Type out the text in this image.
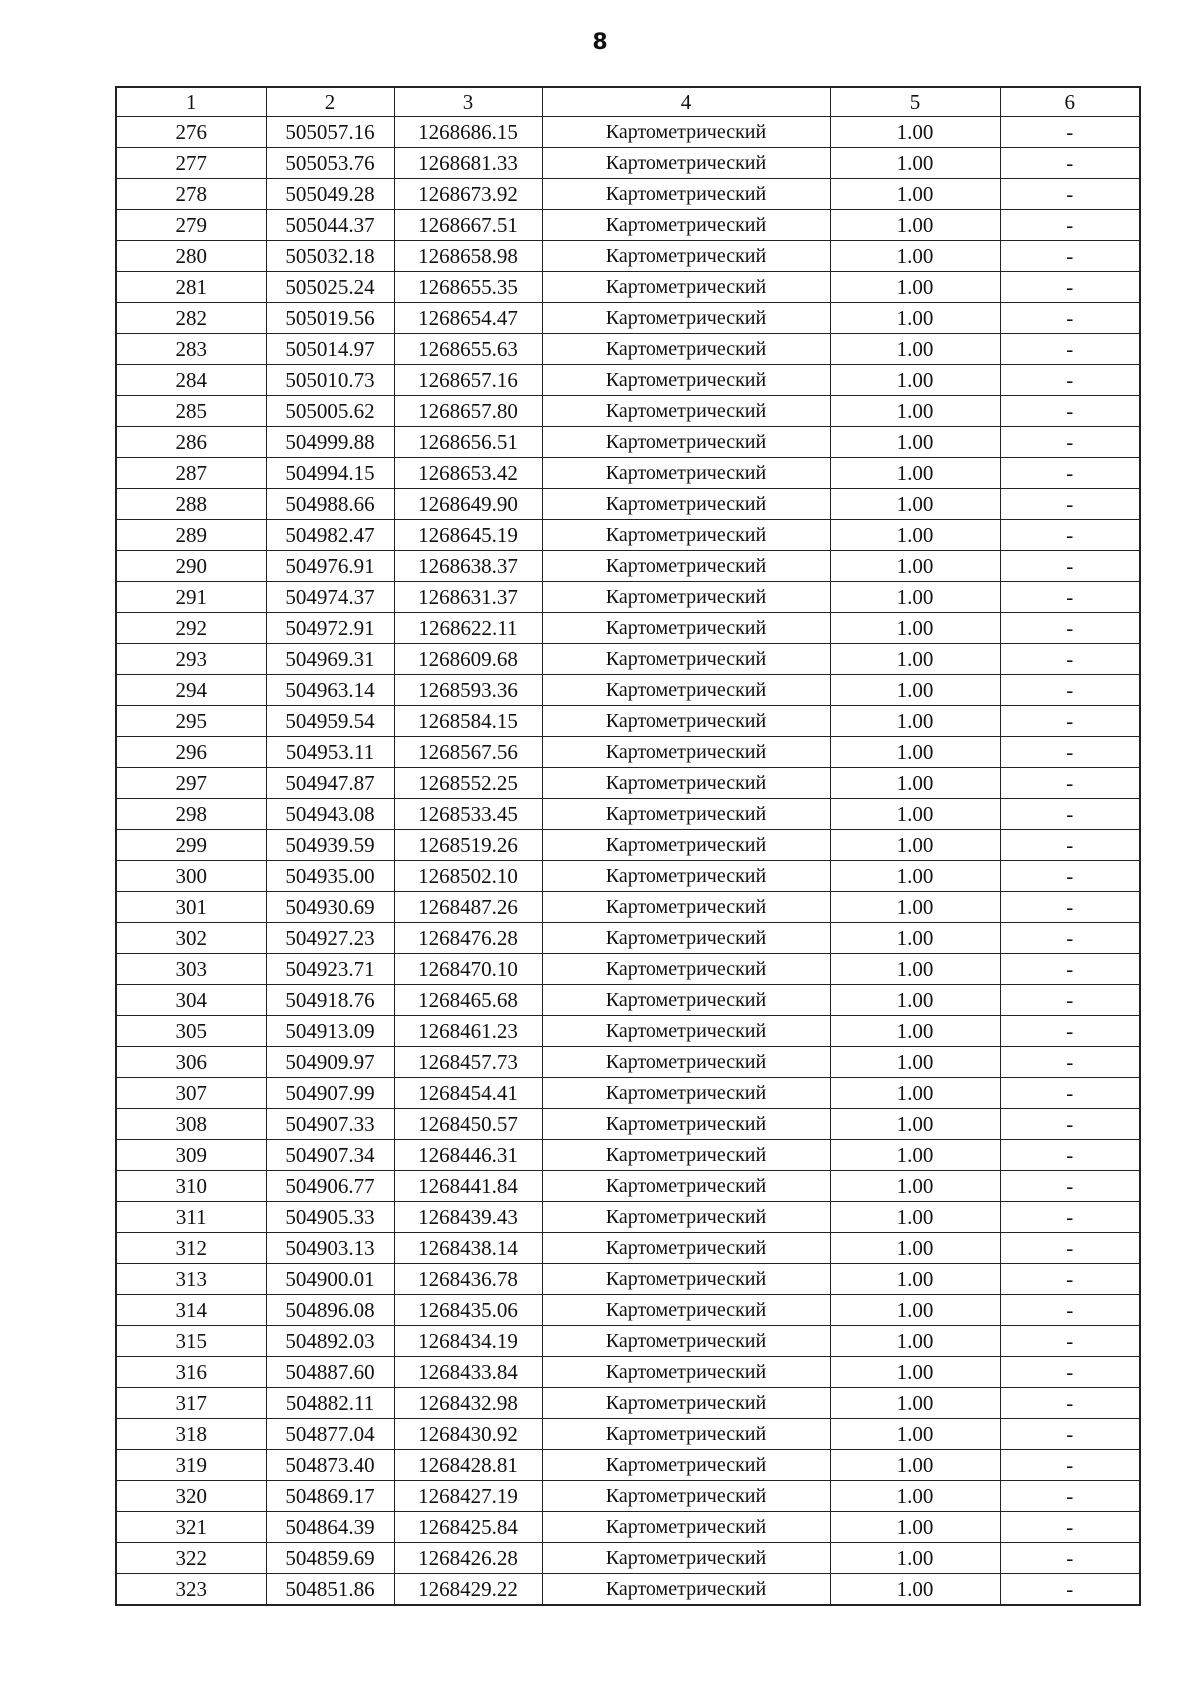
8
1	2	3	4	5	6
276	505057.16	1268686.15	Картометрический	1.00	-
277	505053.76	1268681.33	Картометрический	1.00	-
278	505049.28	1268673.92	Картометрический	1.00	-
279	505044.37	1268667.51	Картометрический	1.00	-
280	505032.18	1268658.98	Картометрический	1.00	-
281	505025.24	1268655.35	Картометрический	1.00	-
282	505019.56	1268654.47	Картометрический	1.00	-
283	505014.97	1268655.63	Картометрический	1.00	-
284	505010.73	1268657.16	Картометрический	1.00	-
285	505005.62	1268657.80	Картометрический	1.00	-
286	504999.88	1268656.51	Картометрический	1.00	-
287	504994.15	1268653.42	Картометрический	1.00	-
288	504988.66	1268649.90	Картометрический	1.00	-
289	504982.47	1268645.19	Картометрический	1.00	-
290	504976.91	1268638.37	Картометрический	1.00	-
291	504974.37	1268631.37	Картометрический	1.00	-
292	504972.91	1268622.11	Картометрический	1.00	-
293	504969.31	1268609.68	Картометрический	1.00	-
294	504963.14	1268593.36	Картометрический	1.00	-
295	504959.54	1268584.15	Картометрический	1.00	-
296	504953.11	1268567.56	Картометрический	1.00	-
297	504947.87	1268552.25	Картометрический	1.00	-
298	504943.08	1268533.45	Картометрический	1.00	-
299	504939.59	1268519.26	Картометрический	1.00	-
300	504935.00	1268502.10	Картометрический	1.00	-
301	504930.69	1268487.26	Картометрический	1.00	-
302	504927.23	1268476.28	Картометрический	1.00	-
303	504923.71	1268470.10	Картометрический	1.00	-
304	504918.76	1268465.68	Картометрический	1.00	-
305	504913.09	1268461.23	Картометрический	1.00	-
306	504909.97	1268457.73	Картометрический	1.00	-
307	504907.99	1268454.41	Картометрический	1.00	-
308	504907.33	1268450.57	Картометрический	1.00	-
309	504907.34	1268446.31	Картометрический	1.00	-
310	504906.77	1268441.84	Картометрический	1.00	-
311	504905.33	1268439.43	Картометрический	1.00	-
312	504903.13	1268438.14	Картометрический	1.00	-
313	504900.01	1268436.78	Картометрический	1.00	-
314	504896.08	1268435.06	Картометрический	1.00	-
315	504892.03	1268434.19	Картометрический	1.00	-
316	504887.60	1268433.84	Картометрический	1.00	-
317	504882.11	1268432.98	Картометрический	1.00	-
318	504877.04	1268430.92	Картометрический	1.00	-
319	504873.40	1268428.81	Картометрический	1.00	-
320	504869.17	1268427.19	Картометрический	1.00	-
321	504864.39	1268425.84	Картометрический	1.00	-
322	504859.69	1268426.28	Картометрический	1.00	-
323	504851.86	1268429.22	Картометрический	1.00	-
